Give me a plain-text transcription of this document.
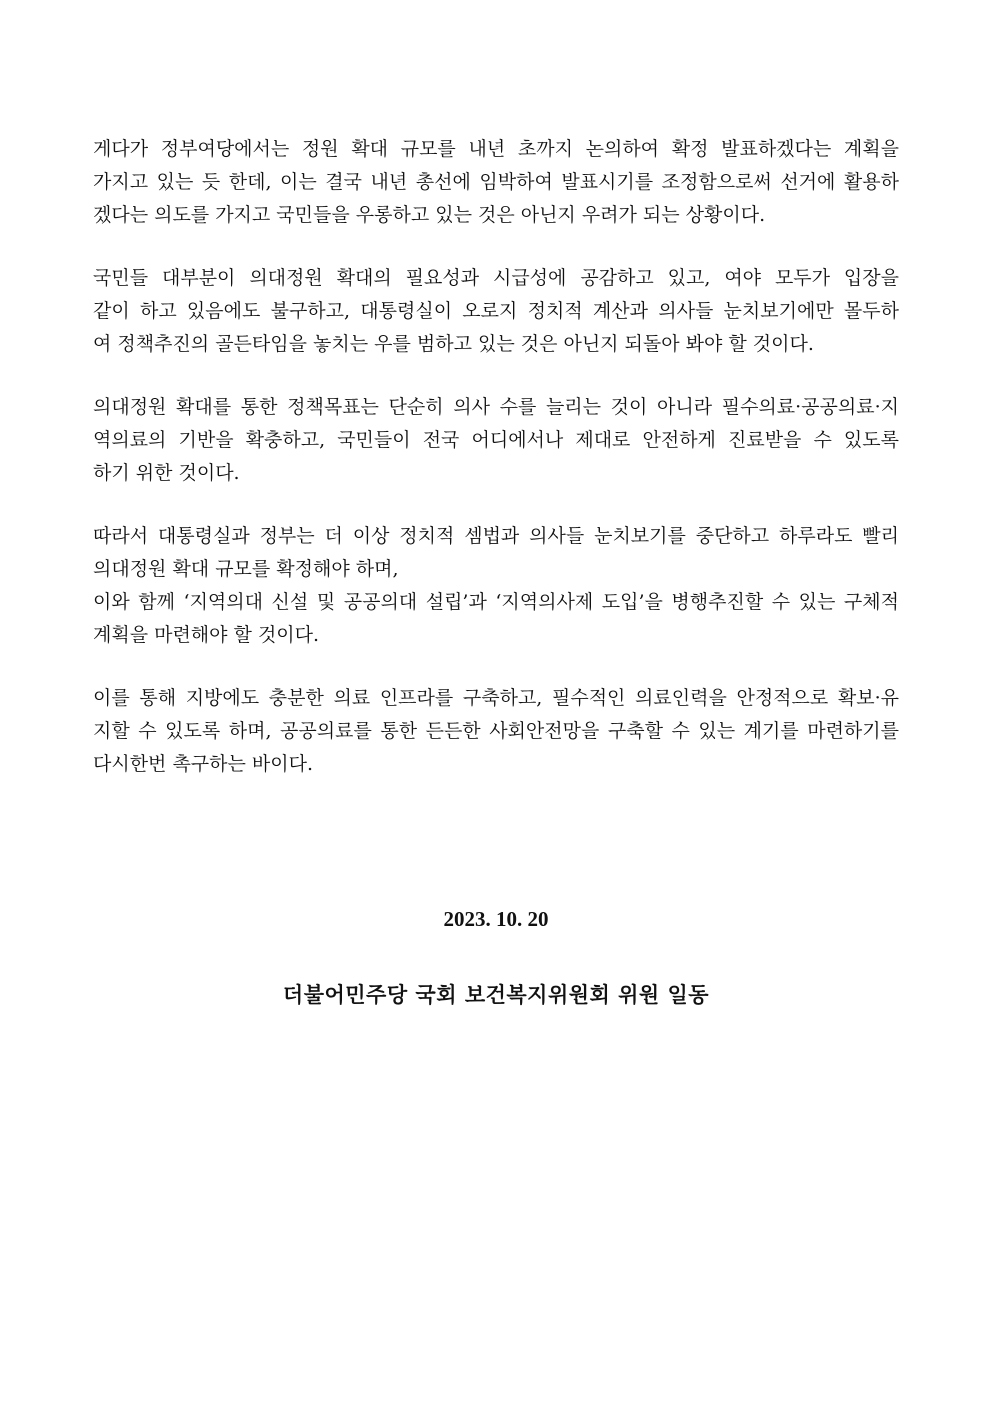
게다가 정부여당에서는 정원 확대 규모를 내년 초까지 논의하여 확정 발표하겠다는 계획을
가지고 있는 듯 한데, 이는 결국 내년 총선에 임박하여 발표시기를 조정함으로써 선거에 활용하
겠다는 의도를 가지고 국민들을 우롱하고 있는 것은 아닌지 우려가 되는 상황이다.
국민들 대부분이 의대정원 확대의 필요성과 시급성에 공감하고 있고, 여야 모두가 입장을
같이 하고 있음에도 불구하고, 대통령실이 오로지 정치적 계산과 의사들 눈치보기에만 몰두하
여 정책추진의 골든타임을 놓치는 우를 범하고 있는 것은 아닌지 되돌아 봐야 할 것이다.
의대정원 확대를 통한 정책목표는 단순히 의사 수를 늘리는 것이 아니라 필수의료·공공의료·지
역의료의 기반을 확충하고, 국민들이 전국 어디에서나 제대로 안전하게 진료받을 수 있도록
하기 위한 것이다.
따라서 대통령실과 정부는 더 이상 정치적 셈법과 의사들 눈치보기를 중단하고 하루라도 빨리
의대정원 확대 규모를 확정해야 하며,
이와 함께 ‘지역의대 신설 및 공공의대 설립’과 ‘지역의사제 도입’을 병행추진할 수 있는 구체적
계획을 마련해야 할 것이다.
이를 통해 지방에도 충분한 의료 인프라를 구축하고, 필수적인 의료인력을 안정적으로 확보·유
지할 수 있도록 하며, 공공의료를 통한 든든한 사회안전망을 구축할 수 있는 계기를 마련하기를
다시한번 촉구하는 바이다.
2023. 10. 20
더불어민주당 국회 보건복지위원회 위원 일동
